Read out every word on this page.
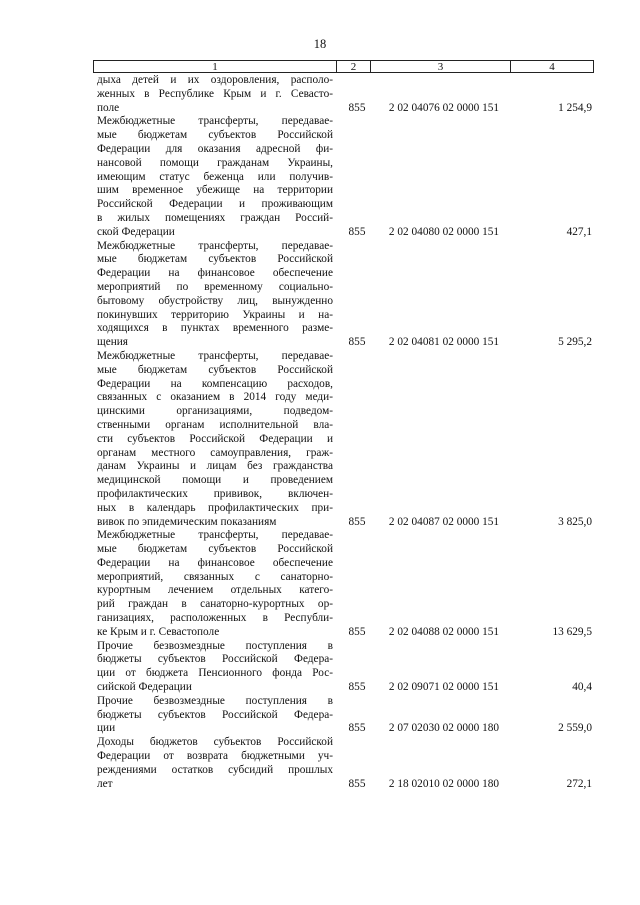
18
1	2	3	4
дыха детей и их оздоровления, располо-
женных в Республике Крым и г. Севасто-
поле	855	2 02 04076 02 0000 151	1 254,9
Межбюджетные трансферты, передавае-
мые бюджетам субъектов Российской
Федерации для оказания адресной фи-
нансовой помощи гражданам Украины,
имеющим статус беженца или получив-
шим временное убежище на территории
Российской Федерации и проживающим
в жилых помещениях граждан Россий-
ской Федерации	855	2 02 04080 02 0000 151	427,1
Межбюджетные трансферты, передавае-
мые бюджетам субъектов Российской
Федерации на финансовое обеспечение
мероприятий по временному социально-
бытовому обустройству лиц, вынужденно
покинувших территорию Украины и на-
ходящихся в пунктах временного разме-
щения	855	2 02 04081 02 0000 151	5 295,2
Межбюджетные трансферты, передавае-
мые бюджетам субъектов Российской
Федерации на компенсацию расходов,
связанных с оказанием в 2014 году меди-
цинскими организациями, подведом-
ственными органам исполнительной вла-
сти субъектов Российской Федерации и
органам местного самоуправления, граж-
данам Украины и лицам без гражданства
медицинской помощи и проведением
профилактических прививок, включен-
ных в календарь профилактических при-
вивок по эпидемическим показаниям	855	2 02 04087 02 0000 151	3 825,0
Межбюджетные трансферты, передавае-
мые бюджетам субъектов Российской
Федерации на финансовое обеспечение
мероприятий, связанных с санаторно-
курортным лечением отдельных катего-
рий граждан в санаторно-курортных ор-
ганизациях, расположенных в Республи-
ке Крым и г. Севастополе	855	2 02 04088 02 0000 151	13 629,5
Прочие безвозмездные поступления в
бюджеты субъектов Российской Федера-
ции от бюджета Пенсионного фонда Рос-
сийской Федерации	855	2 02 09071 02 0000 151	40,4
Прочие безвозмездные поступления в
бюджеты субъектов Российской Федера-
ции	855	2 07 02030 02 0000 180	2 559,0
Доходы бюджетов субъектов Российской
Федерации от возврата бюджетными уч-
реждениями остатков субсидий прошлых
лет	855	2 18 02010 02 0000 180	272,1
